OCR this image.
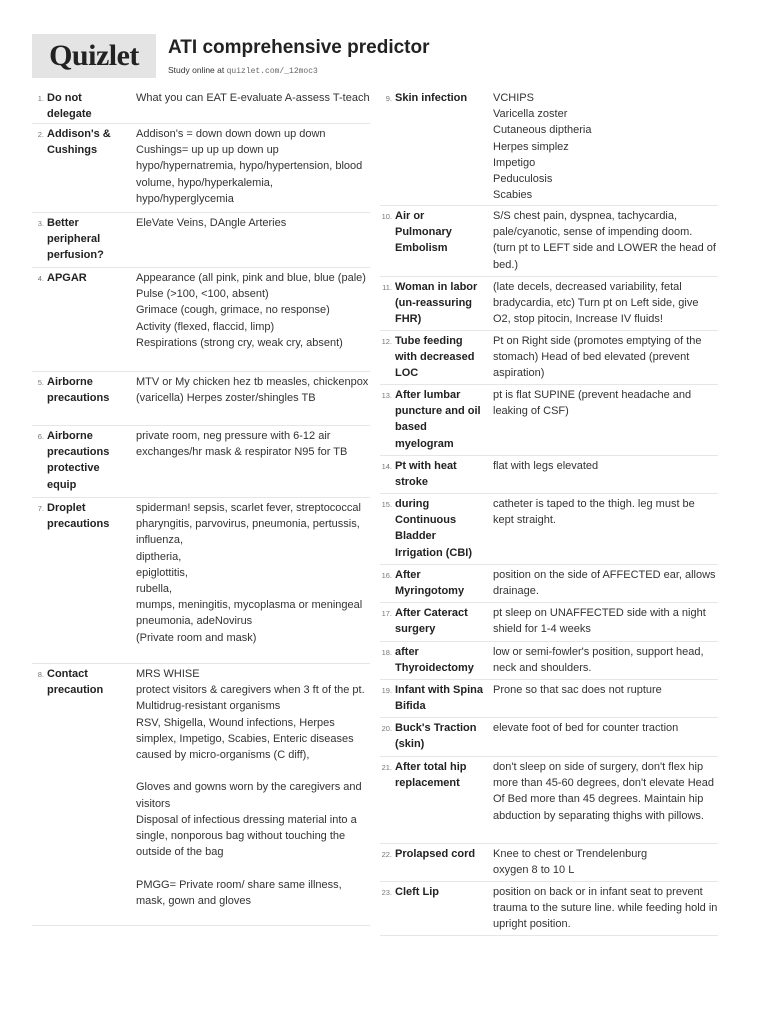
Quizlet ATI comprehensive predictor
Study online at quizlet.com/_12moc3
1. Do not delegate
What you can EAT E-evaluate A-assess T-teach
2. Addison's & Cushings
Addison's = down down down up down
Cushings= up up up down up
hypo/hypernatremia, hypo/hypertension, blood volume, hypo/hyperkalemia, hypo/hyperglycemia
3. Better peripheral perfusion?
EleVate Veins, DAngle Arteries
4. APGAR	Appearance (all pink, pink and blue, blue (pale)
Pulse (>100, <100, absent)
Grimace (cough, grimace, no response)
Activity (flexed, flaccid, limp)
Respirations (strong cry, weak cry, absent)
5. Airborne precautions
MTV or My chicken hez tb measles, chickenpox (varicella) Herpes zoster/shingles TB
6. Airborne precautions protective equip
private room, neg pressure with 6-12 air exchanges/hr mask & respirator N95 for TB
7. Droplet precautions
spiderman! sepsis, scarlet fever, streptococcal pharyngitis, parvovirus, pneumonia, pertussis,
influenza,
diptheria,
epiglottitis,
rubella,
mumps, meningitis, mycoplasma or meningeal pneumonia, adeNovirus
(Private room and mask)
8. Contact precaution
MRS WHISE
protect visitors & caregivers when 3 ft of the pt.
Multidrug-resistant organisms
RSV, Shigella, Wound infections, Herpes simplex, Impetigo, Scabies, Enteric diseases caused by micro-organisms (C diff),

Gloves and gowns worn by the caregivers and visitors
Disposal of infectious dressing material into a single, nonporous bag without touching the outside of the bag

PMGG= Private room/ share same illness, mask, gown and gloves
9. Skin infection	VCHIPS
Varicella zoster
Cutaneous diptheria
Herpes simplez
Impetigo
Peduculosis
Scabies
10. Air or Pulmonary Embolism
S/S chest pain, dyspnea, tachycardia, pale/cyanotic, sense of impending doom. (turn pt to LEFT side and LOWER the head of bed.)
11. Woman in labor (un-reassuring FHR)
(late decels, decreased variability, fetal bradycardia, etc) Turn pt on Left side, give O2, stop pitocin, Increase IV fluids!
12. Tube feeding with decreased LOC
Pt on Right side (promotes emptying of the stomach) Head of bed elevated (prevent aspiration)
13. After lumbar puncture and oil based myelogram
pt is flat SUPINE (prevent headache and leaking of CSF)
14. Pt with heat stroke
flat with legs elevated
15. during Continuous Bladder Irrigation (CBI)
catheter is taped to the thigh. leg must be kept straight.
16. After Myringotomy
position on the side of AFFECTED ear, allows drainage.
17. After Cateract surgery
pt sleep on UNAFFECTED side with a night shield for 1-4 weeks
18. after Thyroidectomy
low or semi-fowler's position, support head, neck and shoulders.
19. Infant with Spina Bifida
Prone so that sac does not rupture
20. Buck's Traction (skin)
elevate foot of bed for counter traction
21. After total hip replacement
don't sleep on side of surgery, don't flex hip more than 45-60 degrees, don't elevate Head Of Bed more than 45 degrees. Maintain hip abduction by separating thighs with pillows.
22. Prolapsed cord	Knee to chest or Trendelenburg
oxygen 8 to 10 L
23. Cleft Lip	position on back or in infant seat to prevent trauma to the suture line. while feeding hold in upright position.
